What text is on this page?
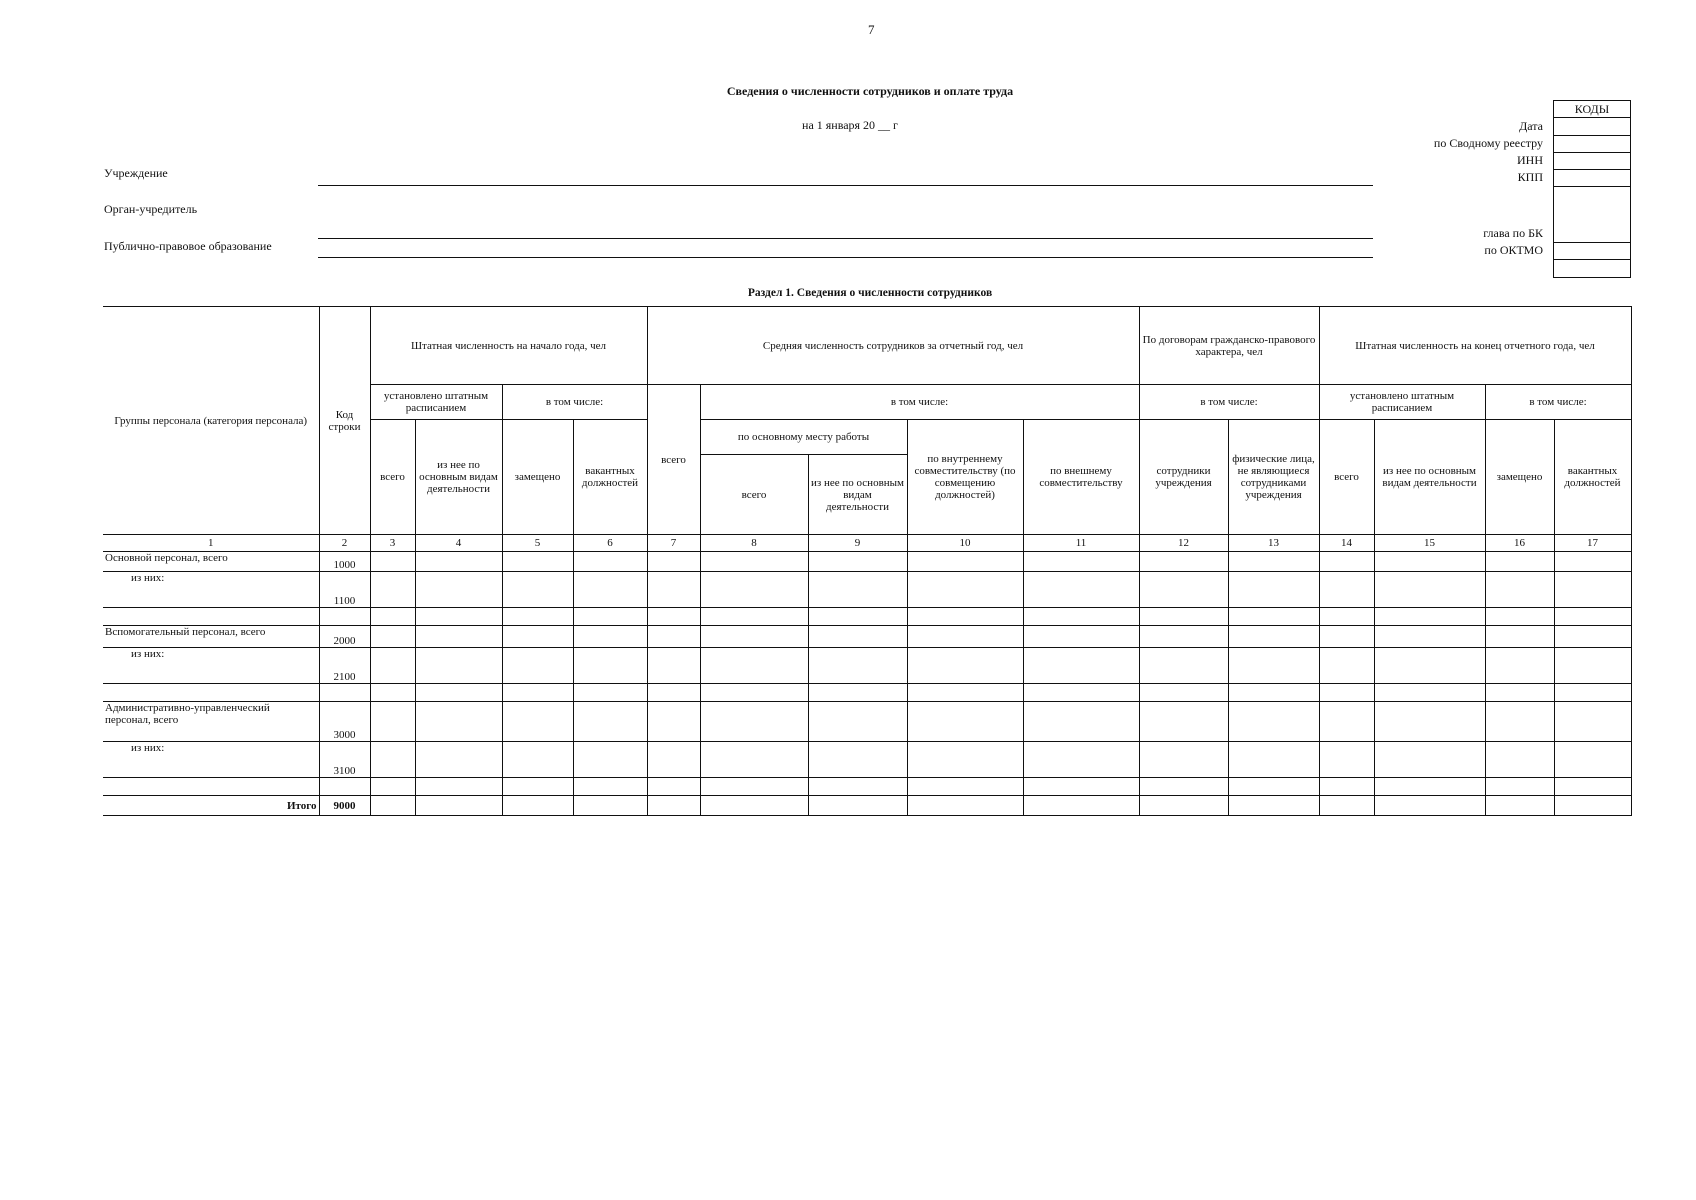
7
Сведения о численности сотрудников и оплате труда
на 1 января 20 __ г
Учреждение
Орган-учредитель
Публично-правовое образование
КОДЫ
Дата
по Сводному реестру
ИНН
КПП
глава по БК
по ОКТМО
Раздел 1. Сведения о численности сотрудников
Группы персонала (категория персонала)	Код строки	Штатная численность на начало года, чел				Средняя численность сотрудников за отчетный год, чел					По договорам гражданско-правового характера, чел		Штатная численность на конец отчетного года, чел			
		установлено штатным расписанием		в том числе:		всего	в том числе:				в том числе:		установлено штатным расписанием		в том числе:	
		всего	из нее по основным видам деятельности	замещено	вакантных должностей		по основному месту работы		по внутреннему совместительству (по совмещению должностей)	по внешнему совместительству	сотрудники учреждения	физические лица, не являющиеся сотрудниками учреждения	всего	из нее по основным видам деятельности	замещено	вакантных должностей
							всего	из нее по основным видам деятельности								
1	2	3	4	5	6	7	8	9	10	11	12	13	14	15	16	17
Основной персонал, всего	1000															
из них:	1100															

Вспомогательный персонал, всего	2000															
из них:	2100															

Административно-управленческий персонал, всего	3000															
из них:	3100															

Итого	9000															
